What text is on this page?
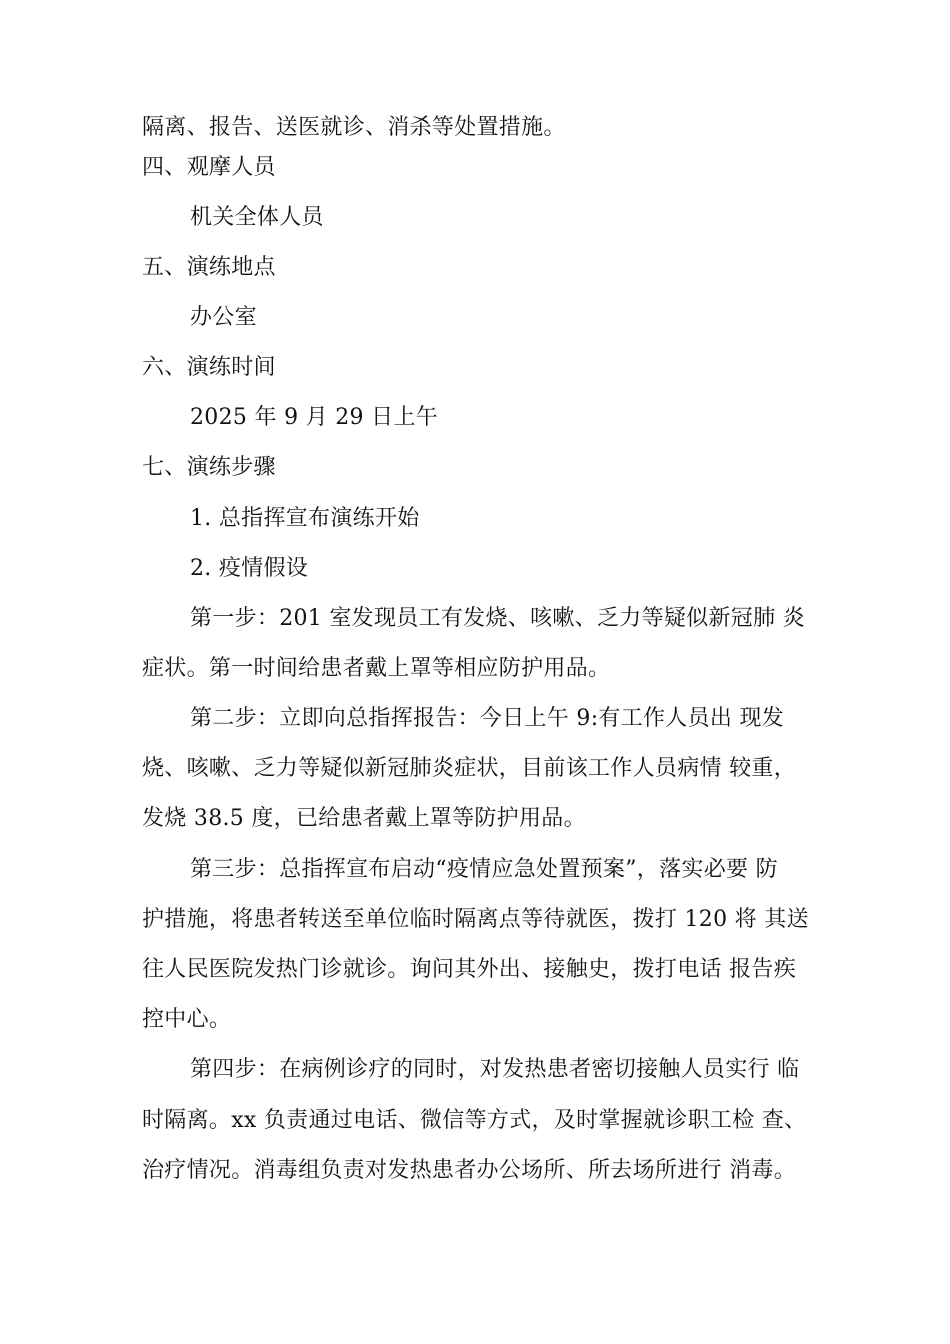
隔离、报告、送医就诊、消杀等处置措施。
四、观摩人员
机关全体人员
五、演练地点
办公室
六、演练时间
2025 年 9 月 29 日上午
七、演练步骤
1. 总指挥宣布演练开始
2. 疫情假设
第一步：201 室发现员工有发烧、咳嗽、乏力等疑似新冠肺 炎
症状。第一时间给患者戴上罩等相应防护用品。
第二步：立即向总指挥报告：今日上午 9:有工作人员出 现发
烧、咳嗽、乏力等疑似新冠肺炎症状，目前该工作人员病情 较重，
发烧 38.5 度，已给患者戴上罩等防护用品。
第三步：总指挥宣布启动“疫情应急处置预案”，落实必要 防
护措施，将患者转送至单位临时隔离点等待就医，拨打 120 将 其送
往人民医院发热门诊就诊。询问其外出、接触史，拨打电话 报告疾
控中心。
第四步：在病例诊疗的同时，对发热患者密切接触人员实行 临
时隔离。xx 负责通过电话、微信等方式，及时掌握就诊职工检 查、
治疗情况。消毒组负责对发热患者办公场所、所去场所进行 消毒。
